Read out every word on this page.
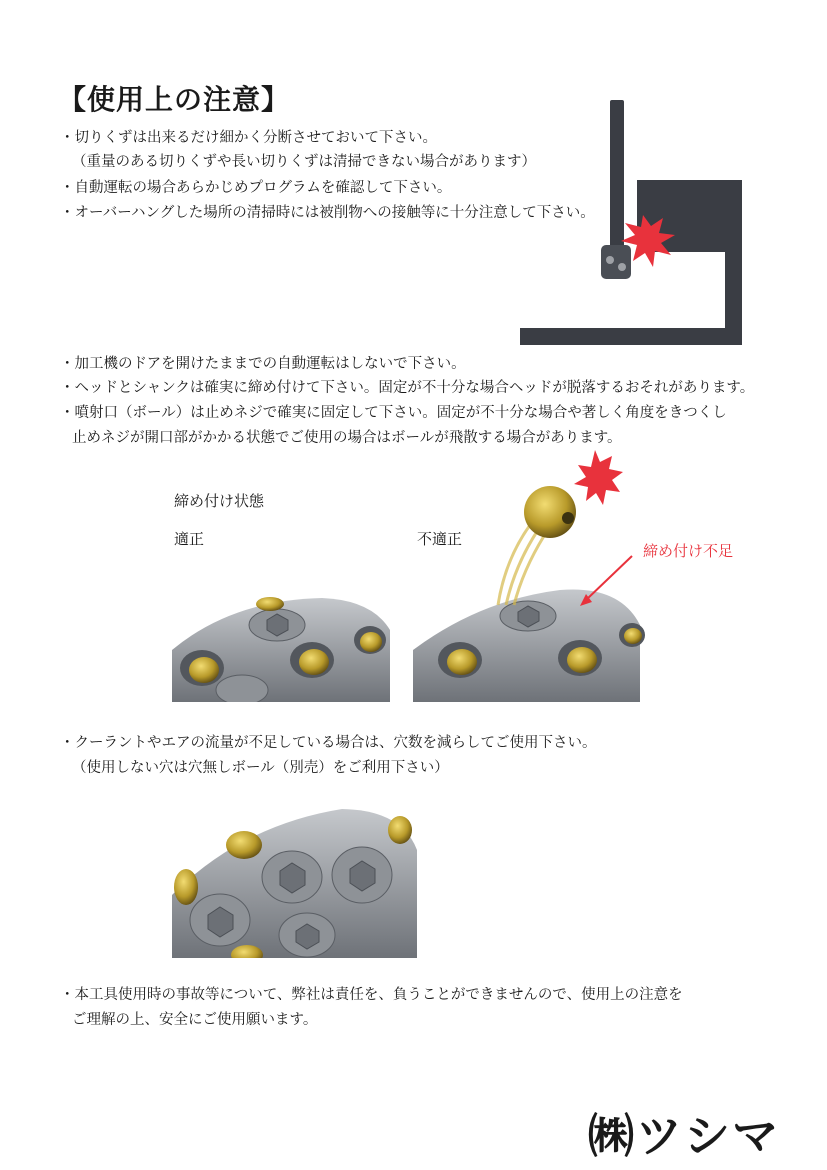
【使用上の注意】
・切りくずは出来るだけ細かく分断させておいて下さい。
（重量のある切りくずや長い切りくずは清掃できない場合があります）
・自動運転の場合あらかじめプログラムを確認して下さい。
・オーバーハングした場所の清掃時には被削物への接触等に十分注意して下さい。
・加工機のドアを開けたままでの自動運転はしないで下さい。
・ヘッドとシャンクは確実に締め付けて下さい。固定が不十分な場合ヘッドが脱落するおそれがあります。
・噴射口（ボール）は止めネジで確実に固定して下さい。固定が不十分な場合や著しく角度をきつくし
止めネジが開口部がかかる状態でご使用の場合はボールが飛散する場合があります。
締め付け状態
適正	不適正
締め付け不足
・クーラントやエアの流量が不足している場合は、穴数を減らしてご使用下さい。
（使用しない穴は穴無しボール（別売）をご利用下さい）
・本工具使用時の事故等について、弊社は責任を、負うことができませんので、使用上の注意を
ご理解の上、安全にご使用願います。
㈱ツシマ
